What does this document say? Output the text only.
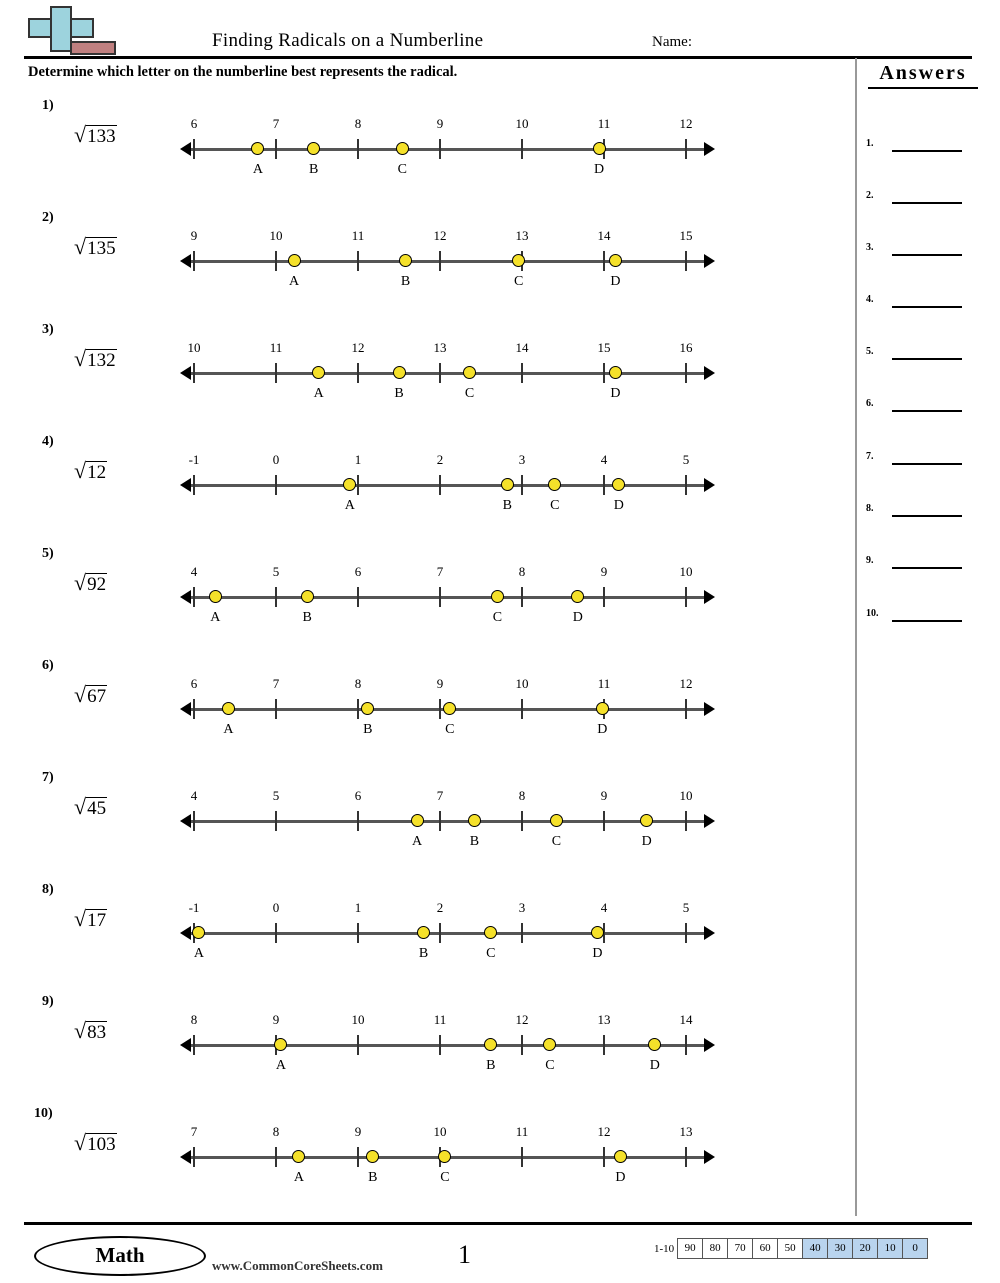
Finding Radicals on a Numberline	Name:
Determine which letter on the numberline best represents the radical.	Answers
1.
2.
3.
4.
5.
6.
7.
8.
9.
10.
1)
√133
6	7	8	9	10	11	12
A	B	C	D
2)
√135
9	10	11	12	13	14	15
A	B	C	D
3)
√132
10	11	12	13	14	15	16
A	B	C	D
4)
√12
-1	0	1	2	3	4	5
A	B	C	D
5)
√92
4	5	6	7	8	9	10
A	B	C	D
6)
√67
6	7	8	9	10	11	12
A	B	C	D
7)
√45
4	5	6	7	8	9	10
A	B	C	D
8)
√17
-1	0	1	2	3	4	5
A	B	C	D
9)
√83
8	9	10	11	12	13	14
A	B	C	D
10)
√103
7	8	9	10	11	12	13
A	B	C	D
Math	www.CommonCoreSheets.com	1	1-10 90	80	70	60	50	40	30	20	10	0
